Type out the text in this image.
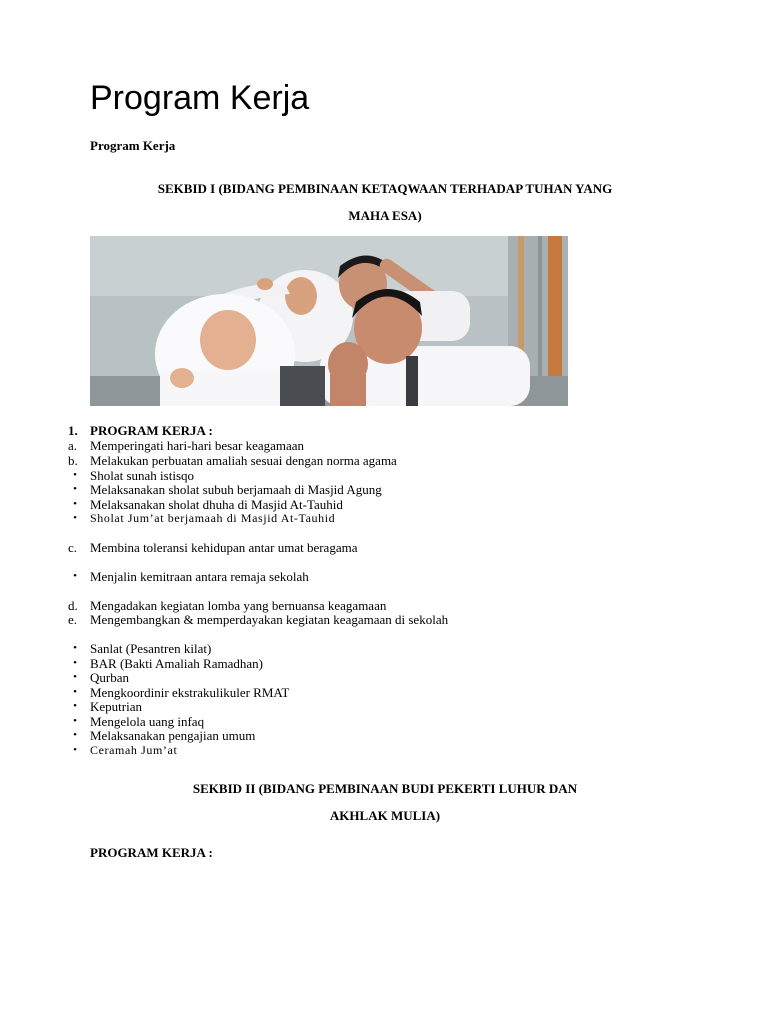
Program Kerja
Program Kerja
SEKBID I (BIDANG PEMBINAAN KETAQWAAN TERHADAP TUHAN YANG
MAHA ESA)
1. PROGRAM KERJA :
a. Memperingati hari-hari besar keagamaan
b. Melakukan perbuatan amaliah sesuai dengan norma agama
•	Sholat sunah istisqo
•	Melaksanakan sholat subuh berjamaah di Masjid Agung
•	Melaksanakan sholat dhuha di Masjid At-Tauhid
•	Sholat Jum’at berjamaah di Masjid At-Tauhid
c. Membina toleransi kehidupan antar umat beragama
•	Menjalin kemitraan antara remaja sekolah
d. Mengadakan kegiatan lomba yang bernuansa keagamaan
e. Mengembangkan & memperdayakan kegiatan keagamaan di sekolah
•	Sanlat (Pesantren kilat)
•	BAR (Bakti Amaliah Ramadhan)
•	Qurban
•	Mengkoordinir ekstrakulikuler RMAT
•	Keputrian
•	Mengelola uang infaq
•	Melaksanakan pengajian umum
•	Ceramah Jum’at
SEKBID II (BIDANG PEMBINAAN BUDI PEKERTI LUHUR DAN
AKHLAK MULIA)
PROGRAM KERJA :
